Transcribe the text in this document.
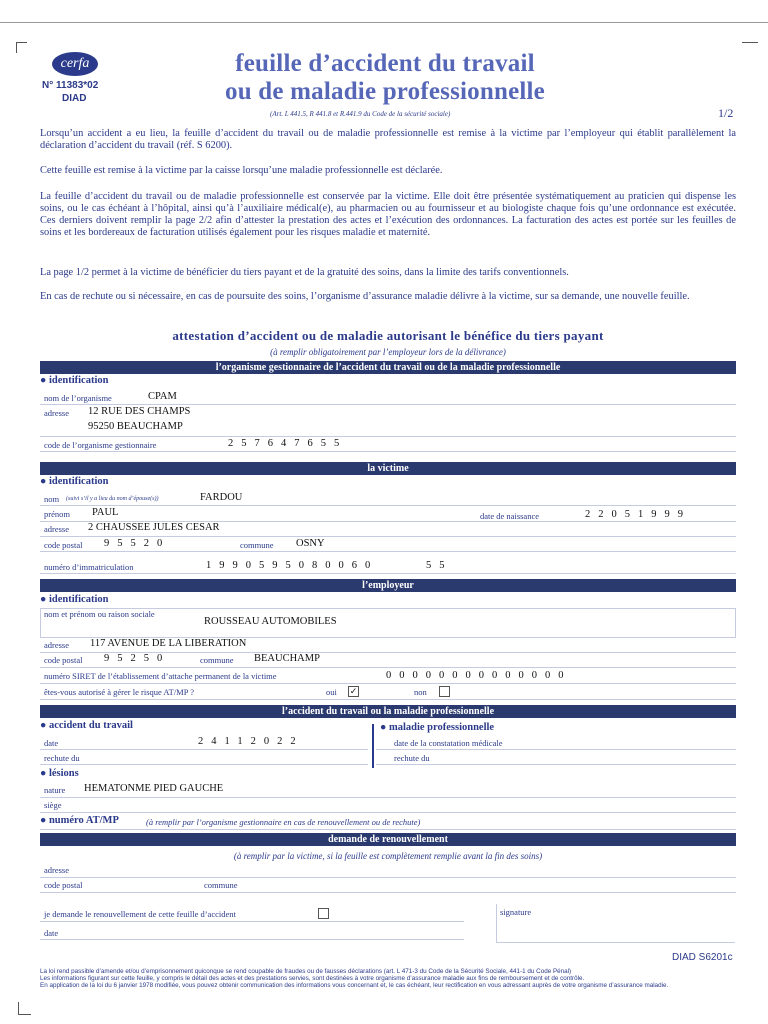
cerfa
N° 11383*02
DIAD
feuille d’accident du travail
ou de maladie professionnelle
(Art. L 441.5, R 441.8 et R.441.9 du Code de la sécurité sociale)	1/2
Lorsqu’un accident a eu lieu, la feuille d’accident du travail ou de maladie professionnelle est remise à la victime par l’employeur qui établit parallèlement la déclaration d’accident du travail (réf. S 6200).
Cette feuille est remise à la victime par la caisse lorsqu’une maladie professionnelle est déclarée.
La feuille d’accident du travail ou de maladie professionnelle est conservée par la victime. Elle doit être présentée systématiquement au praticien qui dispense les soins, ou le cas échéant à l’hôpital, ainsi qu’à l’auxiliaire médical(e), au pharmacien ou au fournisseur et au biologiste chaque fois qu’une ordonnance est exécutée. Ces derniers doivent remplir la page 2/2 afin d’attester la prestation des actes et l’exécution des ordonnances. La facturation des actes est portée sur les feuilles de soins et les bordereaux de facturation utilisés également pour les risques maladie et maternité.
La page 1/2 permet à la victime de bénéficier du tiers payant et de la gratuité des soins, dans la limite des tarifs conventionnels.
En cas de rechute ou si nécessaire, en cas de poursuite des soins, l’organisme d’assurance maladie délivre à la victime, sur sa demande, une nouvelle feuille.
attestation d’accident ou de maladie autorisant le bénéfice du tiers payant
(à remplir obligatoirement par l’employeur lors de la délivrance)
l’organisme gestionnaire de l’accident du travail ou de la maladie professionnelle
● identification
nom de l’organisme	CPAM
adresse 12 RUE DES CHAMPS
95250 BEAUCHAMP
code de l’organisme gestionnaire	257647655
la victime
● identification
nom (suivi s’il y a lieu du nom d’épouse(s))	FARDOU
prénom PAUL	date de naissance	22051999
adresse 2 CHAUSSEE JULES CESAR
code postal 95520	commune OSNY
numéro d’immatriculation	1990595080060	55
l’employeur
● identification
nom et prénom ou raison sociale
ROUSSEAU AUTOMOBILES
adresse 117 AVENUE DE LA LIBERATION
code postal 95250	commune BEAUCHAMP
numéro SIRET de l’établissement d’attache permanent de la victime	00000000000000
êtes-vous autorisé à gérer le risque AT/MP ?	oui ✓	non
l’accident du travail ou la maladie professionnelle
● accident du travail
date	24112022
rechute du
● maladie professionnelle
date de la constatation médicale
rechute du
● lésions
nature HEMATONME PIED GAUCHE
siège
● numéro AT/MP	(à remplir par l’organisme gestionnaire en cas de renouvellement ou de rechute)
demande de renouvellement
(à remplir par la victime, si la feuille est complètement remplie avant la fin des soins)
adresse
code postal	commune
je demande le renouvellement de cette feuille d’accident	signature
date
DIAD S6201c
La loi rend passible d’amende et/ou d’emprisonnement quiconque se rend coupable de fraudes ou de fausses déclarations (art. L 471-3 du Code de la Sécurité Sociale, 441-1 du Code Pénal)
Les informations figurant sur cette feuille, y compris le détail des actes et des prestations servies, sont destinées à votre organisme d’assurance maladie aux fins de remboursement et de contrôle.
En application de la loi du 6 janvier 1978 modifiée, vous pouvez obtenir communication des informations vous concernant et, le cas échéant, leur rectification en vous adressant auprès de votre organisme d’assurance maladie.
